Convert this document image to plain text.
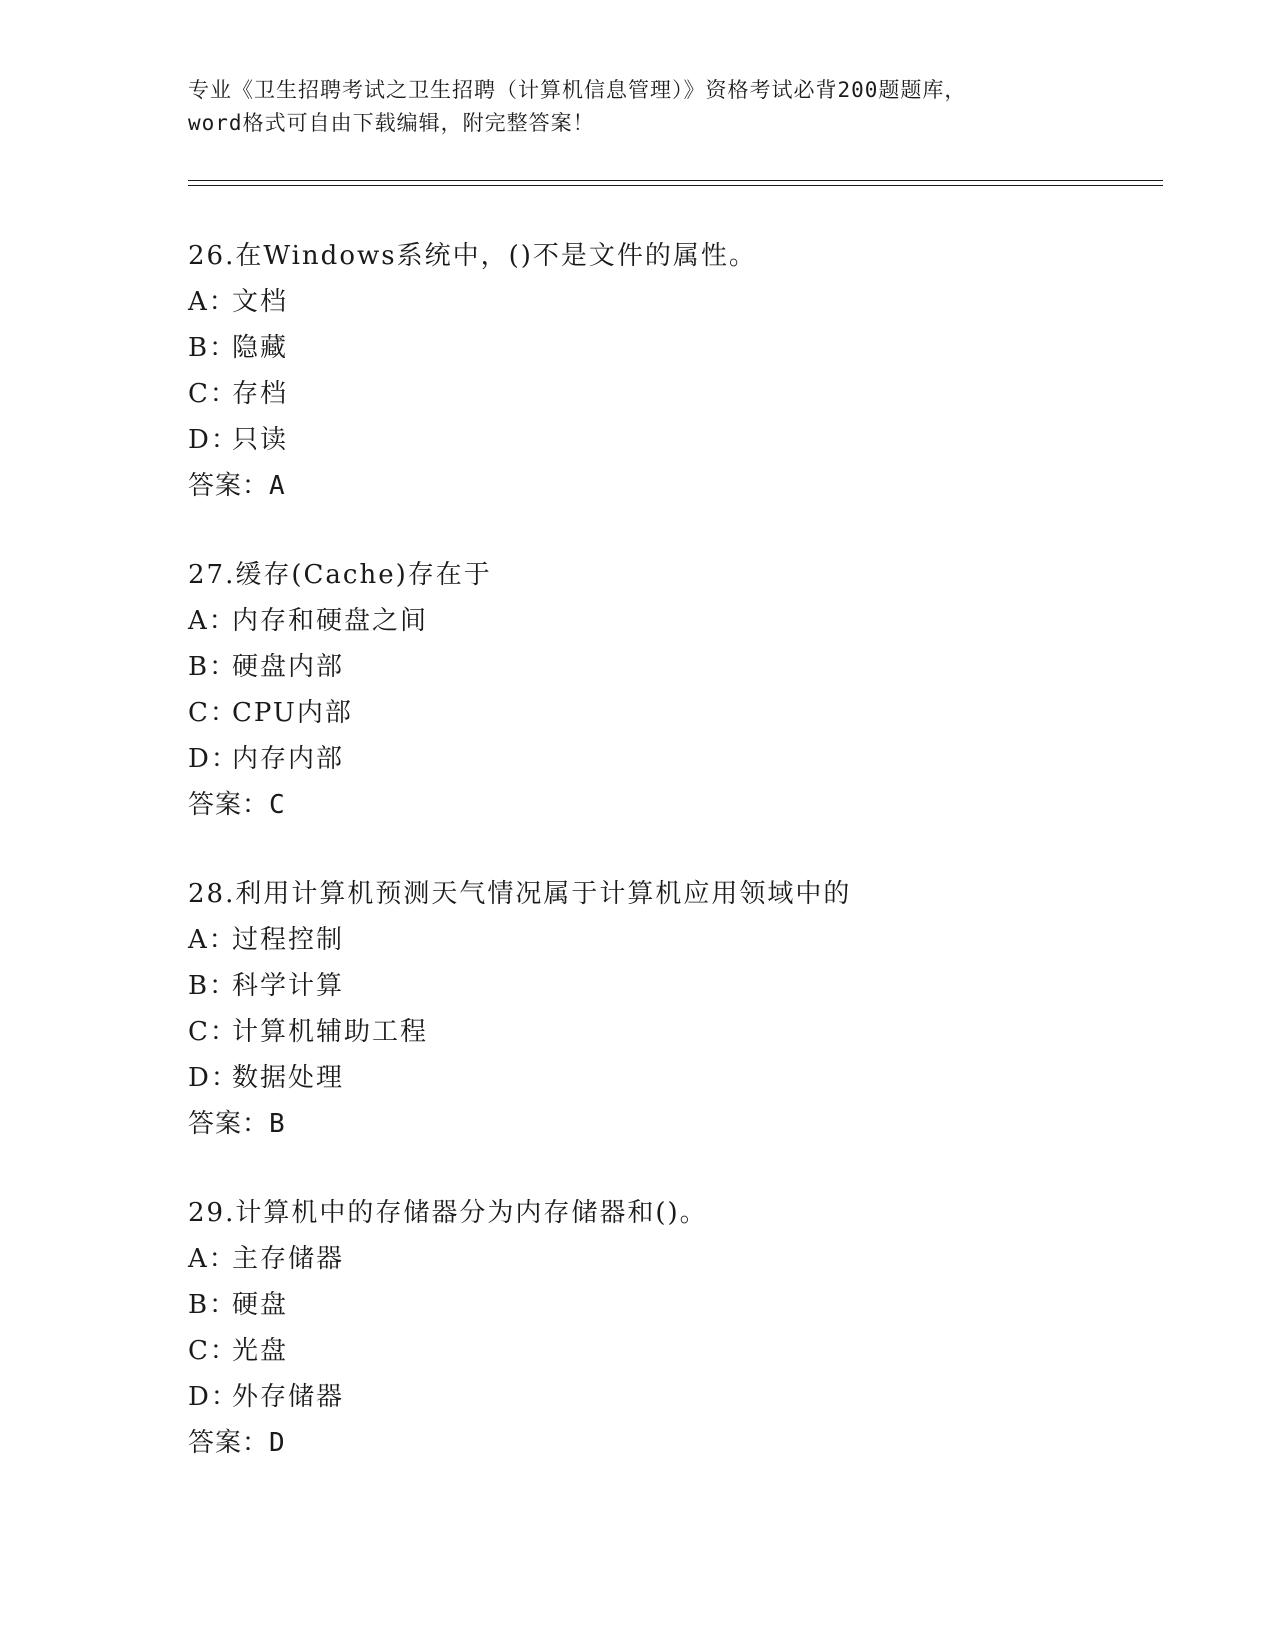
专业《卫生招聘考试之卫生招聘（计算机信息管理）》资格考试必背200题题库，
word格式可自由下载编辑，附完整答案！
26.在Windows系统中，()不是文件的属性。
A：文档
B：隐藏
C：存档
D：只读
答案：A
27.缓存(Cache)存在于
A：内存和硬盘之间
B：硬盘内部
C：CPU内部
D：内存内部
答案：C
28.利用计算机预测天气情况属于计算机应用领域中的
A：过程控制
B：科学计算
C：计算机辅助工程
D：数据处理
答案：B
29.计算机中的存储器分为内存储器和()。
A：主存储器
B：硬盘
C：光盘
D：外存储器
答案：D
